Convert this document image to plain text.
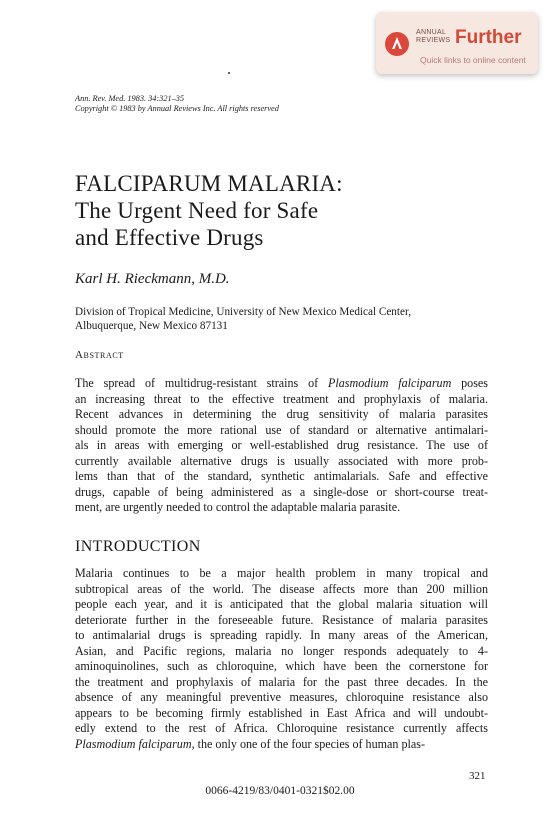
ANNUAL
REVIEWS Further
Quick links to online content
Ann. Rev. Med. 1983. 34:321–35
Copyright © 1983 by Annual Reviews Inc. All rights reserved
FALCIPARUM MALARIA:
The Urgent Need for Safe
and Effective Drugs
Karl H. Rieckmann, M.D.
Division of Tropical Medicine, University of New Mexico Medical Center,
Albuquerque, New Mexico 87131
Abstract
The spread of multidrug-resistant strains of Plasmodium falciparum poses
an increasing threat to the effective treatment and prophylaxis of malaria.
Recent advances in determining the drug sensitivity of malaria parasites
should promote the more rational use of standard or alternative antimalari-
als in areas with emerging or well-established drug resistance. The use of
currently available alternative drugs is usually associated with more prob-
lems than that of the standard, synthetic antimalarials. Safe and effective
drugs, capable of being administered as a single-dose or short-course treat-
ment, are urgently needed to control the adaptable malaria parasite.
INTRODUCTION
Malaria continues to be a major health problem in many tropical and
subtropical areas of the world. The disease affects more than 200 million
people each year, and it is anticipated that the global malaria situation will
deteriorate further in the foreseeable future. Resistance of malaria parasites
to antimalarial drugs is spreading rapidly. In many areas of the American,
Asian, and Pacific regions, malaria no longer responds adequately to 4-
aminoquinolines, such as chloroquine, which have been the cornerstone for
the treatment and prophylaxis of malaria for the past three decades. In the
absence of any meaningful preventive measures, chloroquine resistance also
appears to be becoming firmly established in East Africa and will undoubt-
edly extend to the rest of Africa. Chloroquine resistance currently affects
Plasmodium falciparum, the only one of the four species of human plas-
321
0066-4219/83/0401-0321$02.00
